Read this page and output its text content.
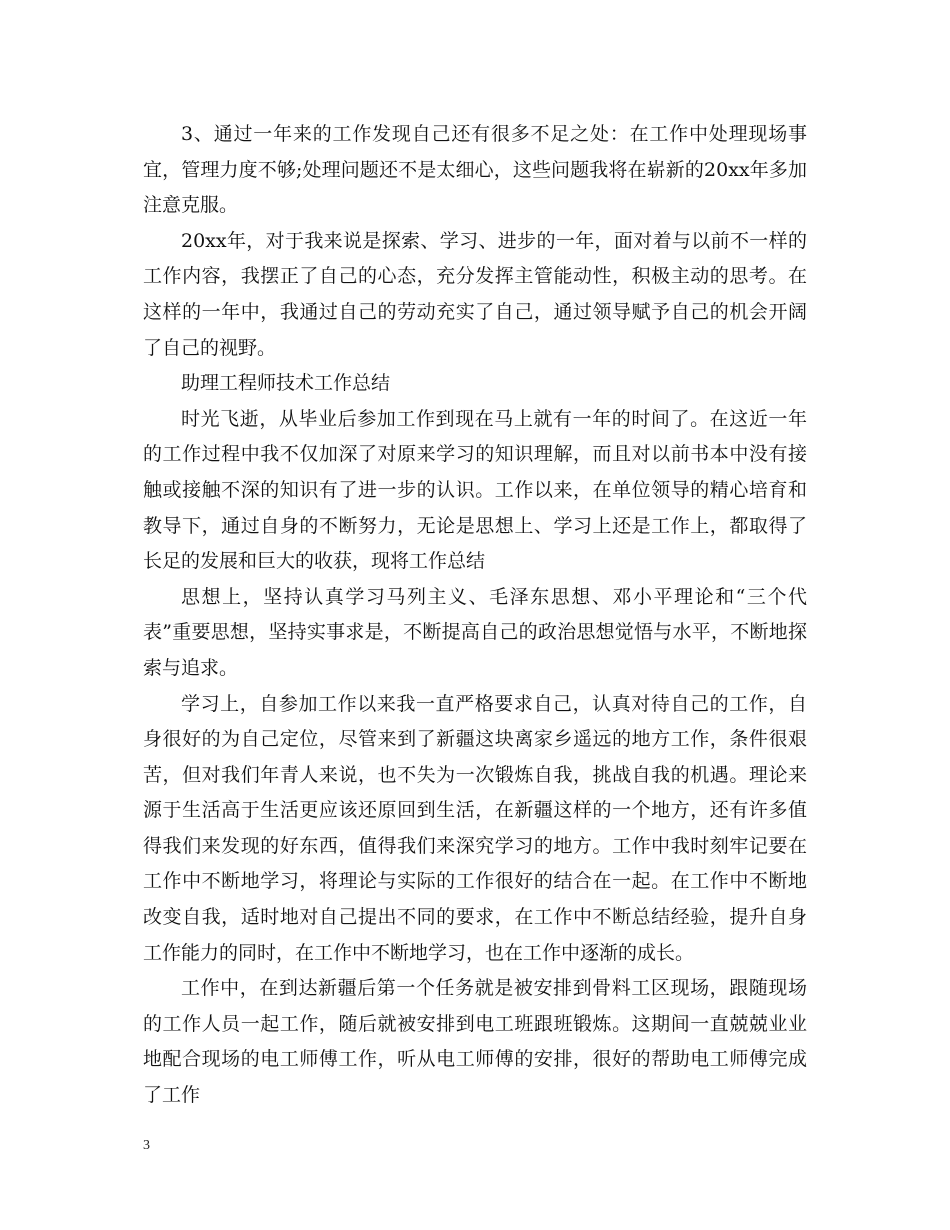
3、通过一年来的工作发现自己还有很多不足之处：在工作中处理现场事宜，管理力度不够;处理问题还不是太细心，这些问题我将在崭新的20xx年多加注意克服。

20xx年，对于我来说是探索、学习、进步的一年，面对着与以前不一样的工作内容，我摆正了自己的心态，充分发挥主管能动性，积极主动的思考。在这样的一年中，我通过自己的劳动充实了自己，通过领导赋予自己的机会开阔了自己的视野。

助理工程师技术工作总结

时光飞逝，从毕业后参加工作到现在马上就有一年的时间了。在这近一年的工作过程中我不仅加深了对原来学习的知识理解，而且对以前书本中没有接触或接触不深的知识有了进一步的认识。工作以来，在单位领导的精心培育和教导下，通过自身的不断努力，无论是思想上、学习上还是工作上，都取得了长足的发展和巨大的收获，现将工作总结

思想上，坚持认真学习马列主义、毛泽东思想、邓小平理论和“三个代表”重要思想，坚持实事求是，不断提高自己的政治思想觉悟与水平，不断地探索与追求。

学习上，自参加工作以来我一直严格要求自己，认真对待自己的工作，自身很好的为自己定位，尽管来到了新疆这块离家乡遥远的地方工作，条件很艰苦，但对我们年青人来说，也不失为一次锻炼自我，挑战自我的机遇。理论来源于生活高于生活更应该还原回到生活，在新疆这样的一个地方，还有许多值得我们来发现的好东西，值得我们来深究学习的地方。工作中我时刻牢记要在工作中不断地学习，将理论与实际的工作很好的结合在一起。在工作中不断地改变自我，适时地对自己提出不同的要求，在工作中不断总结经验，提升自身工作能力的同时，在工作中不断地学习，也在工作中逐渐的成长。

工作中，在到达新疆后第一个任务就是被安排到骨料工区现场，跟随现场的工作人员一起工作，随后就被安排到电工班跟班锻炼。这期间一直兢兢业业地配合现场的电工师傅工作，听从电工师傅的安排，很好的帮助电工师傅完成了工作

3
